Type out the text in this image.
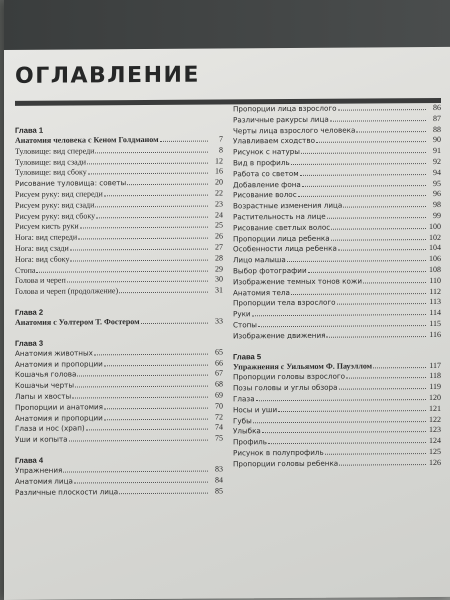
ОГЛАВЛЕНИЕ
Глава 1
Анатомия человека с Кеном Голдманом	7
Туловище: вид спереди	8
Туловище: вид сзади	12
Туловище: вид сбоку	16
Рисование туловища: советы	20
Рисуем руку: вид спереди	22
Рисуем руку: вид сзади	23
Рисуем руку: вид сбоку	24
Рисуем кисть руки	25
Нога: вид спереди	26
Нога: вид сзади	27
Нога: вид сбоку	28
Стопа	29
Голова и череп	30
Голова и череп (продолжение)	31
Глава 2
Анатомия с Уолтером Т. Фостером	33
Глава 3
Анатомия животных	65
Анатомия и пропорции	66
Кошачья голова	67
Кошачьи черты	68
Лапы и хвосты	69
Пропорции и анатомия	70
Анатомия и пропорции	72
Глаза и нос (храп)	74
Уши и копыта	75
Глава 4
Упражнения	83
Анатомия лица	84
Различные плоскости лица	85
Пропорции лица взрослого	86
Различные ракурсы лица	87
Черты лица взрослого человека	88
Улавливаем сходство	90
Рисунок с натуры	91
Вид в профиль	92
Работа со светом	94
Добавление фона	95
Рисование волос	96
Возрастные изменения лица	98
Растительность на лице	99
Рисование светлых волос	100
Пропорции лица ребенка	102
Особенности лица ребенка	104
Лицо малыша	106
Выбор фотографии	108
Изображение темных тонов кожи	110
Анатомия тела	112
Пропорции тела взрослого	113
Руки	114
Стопы	115
Изображение движения	116
Глава 5
Упражнения с Уильямом Ф. Пауэллом	117
Пропорции головы взрослого	118
Позы головы и углы обзора	119
Глаза	120
Носы и уши	121
Губы	122
Улыбка	123
Профиль	124
Рисунок в полупрофиль	125
Пропорции головы ребенка	126
